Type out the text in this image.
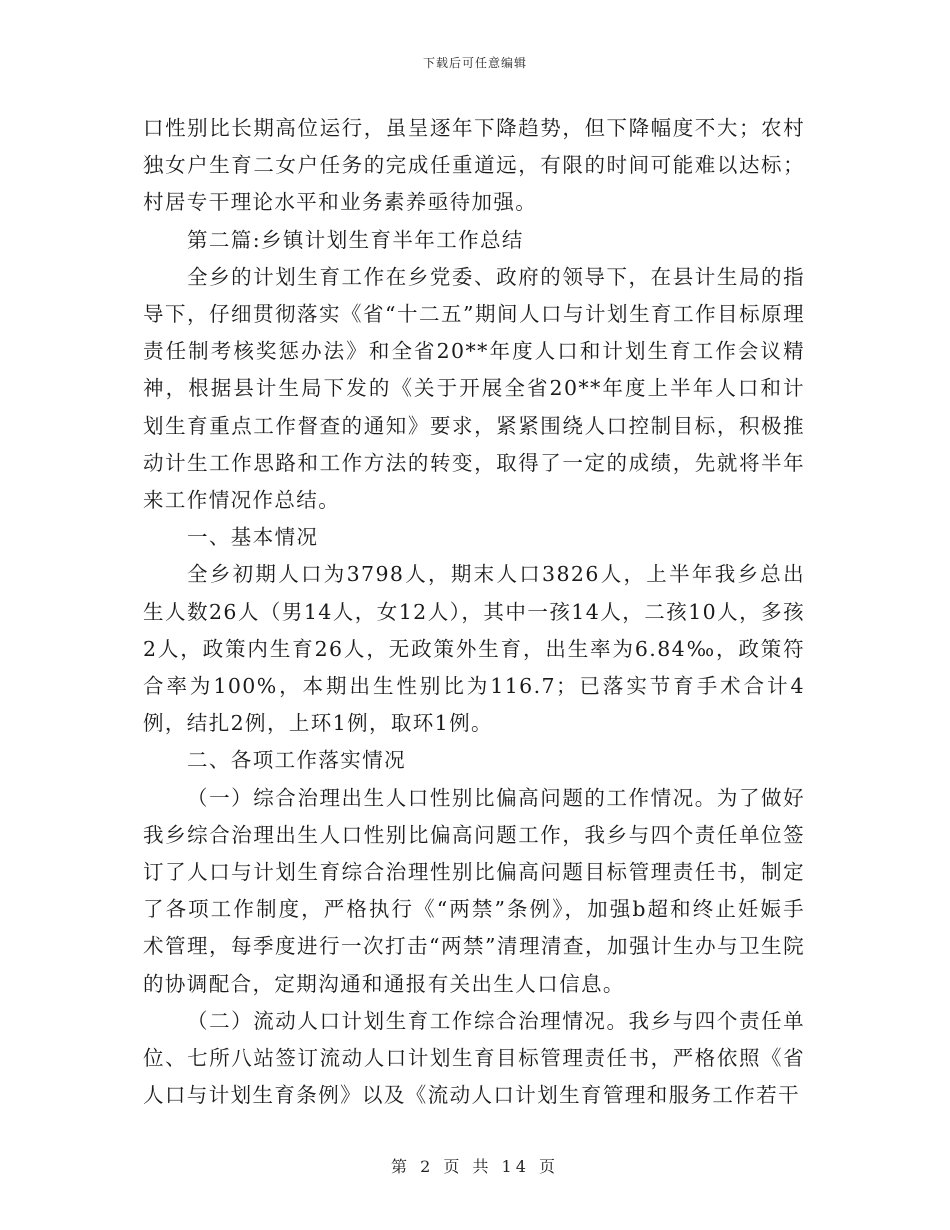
下载后可任意编辑

口性别比长期高位运行，虽呈逐年下降趋势，但下降幅度不大；农村独女户生育二女户任务的完成任重道远，有限的时间可能难以达标；村居专干理论水平和业务素养亟待加强。

第二篇:乡镇计划生育半年工作总结

全乡的计划生育工作在乡党委、政府的领导下，在县计生局的指导下，仔细贯彻落实《省“十二五”期间人口与计划生育工作目标原理责任制考核奖惩办法》和全省20**年度人口和计划生育工作会议精神，根据县计生局下发的《关于开展全省20**年度上半年人口和计划生育重点工作督查的通知》要求，紧紧围绕人口控制目标，积极推动计生工作思路和工作方法的转变，取得了一定的成绩，先就将半年来工作情况作总结。

一、基本情况

全乡初期人口为3798人，期末人口3826人，上半年我乡总出生人数26人（男14人，女12人），其中一孩14人，二孩10人，多孩2人，政策内生育26人，无政策外生育，出生率为6.84‰，政策符合率为100%，本期出生性别比为116.7；已落实节育手术合计4例，结扎2例，上环1例，取环1例。

二、各项工作落实情况

（一）综合治理出生人口性别比偏高问题的工作情况。为了做好我乡综合治理出生人口性别比偏高问题工作，我乡与四个责任单位签订了人口与计划生育综合治理性别比偏高问题目标管理责任书，制定了各项工作制度，严格执行《“两禁”条例》，加强b超和终止妊娠手术管理，每季度进行一次打击“两禁”清理清查，加强计生办与卫生院的协调配合，定期沟通和通报有关出生人口信息。

（二）流动人口计划生育工作综合治理情况。我乡与四个责任单位、七所八站签订流动人口计划生育目标管理责任书，严格依照《省人口与计划生育条例》以及《流动人口计划生育管理和服务工作若干

第 2 页 共 14 页
